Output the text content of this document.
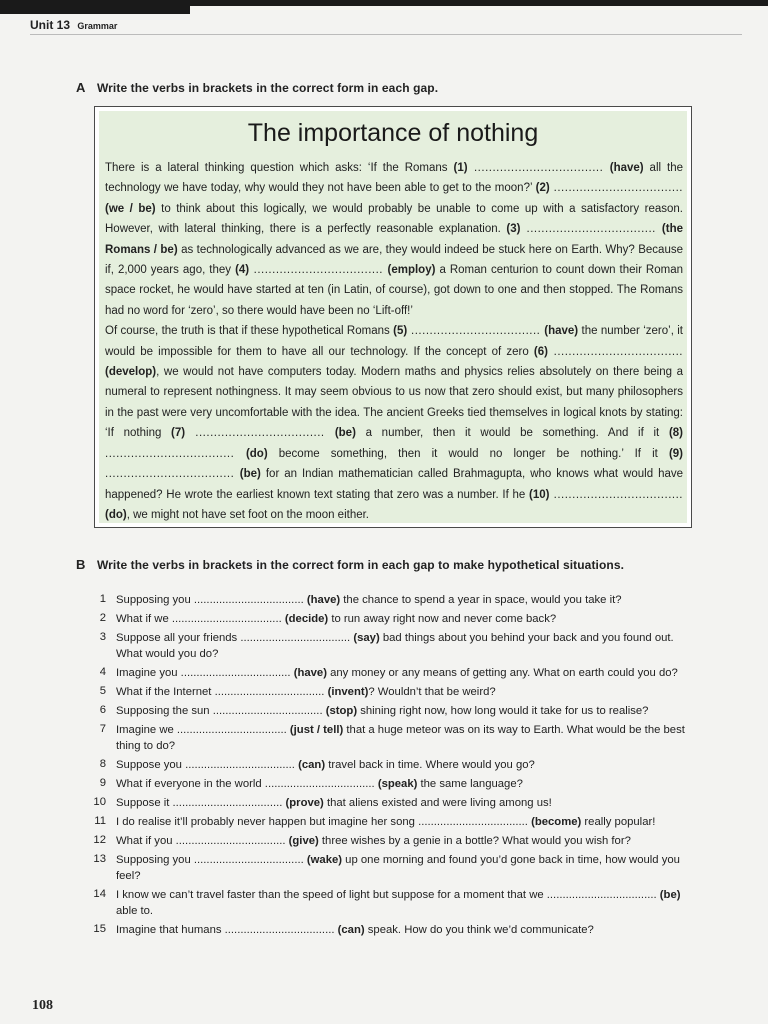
Unit 13 Grammar
A Write the verbs in brackets in the correct form in each gap.
The importance of nothing

There is a lateral thinking question which asks: ‘If the Romans (1) ................................... (have) all the technology we have today, why would they not have been able to get to the moon?’ (2) ................................... (we / be) to think about this logically, we would probably be unable to come up with a satisfactory reason. However, with lateral thinking, there is a perfectly reasonable explanation. (3) ................................... (the Romans / be) as technologically advanced as we are, they would indeed be stuck here on Earth. Why? Because if, 2,000 years ago, they (4) ................................... (employ) a Roman centurion to count down their Roman space rocket, he would have started at ten (in Latin, of course), got down to one and then stopped. The Romans had no word for ‘zero’, so there would have been no ‘Lift-off!’

Of course, the truth is that if these hypothetical Romans (5) ................................... (have) the number ‘zero’, it would be impossible for them to have all our technology. If the concept of zero (6) ................................... (develop), we would not have computers today. Modern maths and physics relies absolutely on there being a numeral to represent nothingness. It may seem obvious to us now that zero should exist, but many philosophers in the past were very uncomfortable with the idea. The ancient Greeks tied themselves in logical knots by stating: ‘If nothing (7) ................................... (be) a number, then it would be something. And if it (8) ................................... (do) become something, then it would no longer be nothing.’ If it (9) ................................... (be) for an Indian mathematician called Brahmagupta, who knows what would have happened? He wrote the earliest known text stating that zero was a number. If he (10) ................................... (do), we might not have set foot on the moon either.

B Write the verbs in brackets in the correct form in each gap to make hypothetical situations.
1 Supposing you ................................... (have) the chance to spend a year in space, would you take it?
2 What if we ................................... (decide) to run away right now and never come back?
3 Suppose all your friends ................................... (say) bad things about you behind your back and you found out. What would you do?
4 Imagine you ................................... (have) any money or any means of getting any. What on earth could you do?
5 What if the Internet ................................... (invent)? Wouldn’t that be weird?
6 Supposing the sun ................................... (stop) shining right now, how long would it take for us to realise?
7 Imagine we ................................... (just / tell) that a huge meteor was on its way to Earth. What would be the best thing to do?
8 Suppose you ................................... (can) travel back in time. Where would you go?
9 What if everyone in the world ................................... (speak) the same language?
10 Suppose it ................................... (prove) that aliens existed and were living among us!
11 I do realise it’ll probably never happen but imagine her song ................................... (become) really popular!
12 What if you ................................... (give) three wishes by a genie in a bottle? What would you wish for?
13 Supposing you ................................... (wake) up one morning and found you’d gone back in time, how would you feel?
14 I know we can’t travel faster than the speed of light but suppose for a moment that we ................................... (be) able to.
15 Imagine that humans ................................... (can) speak. How do you think we’d communicate?
108
